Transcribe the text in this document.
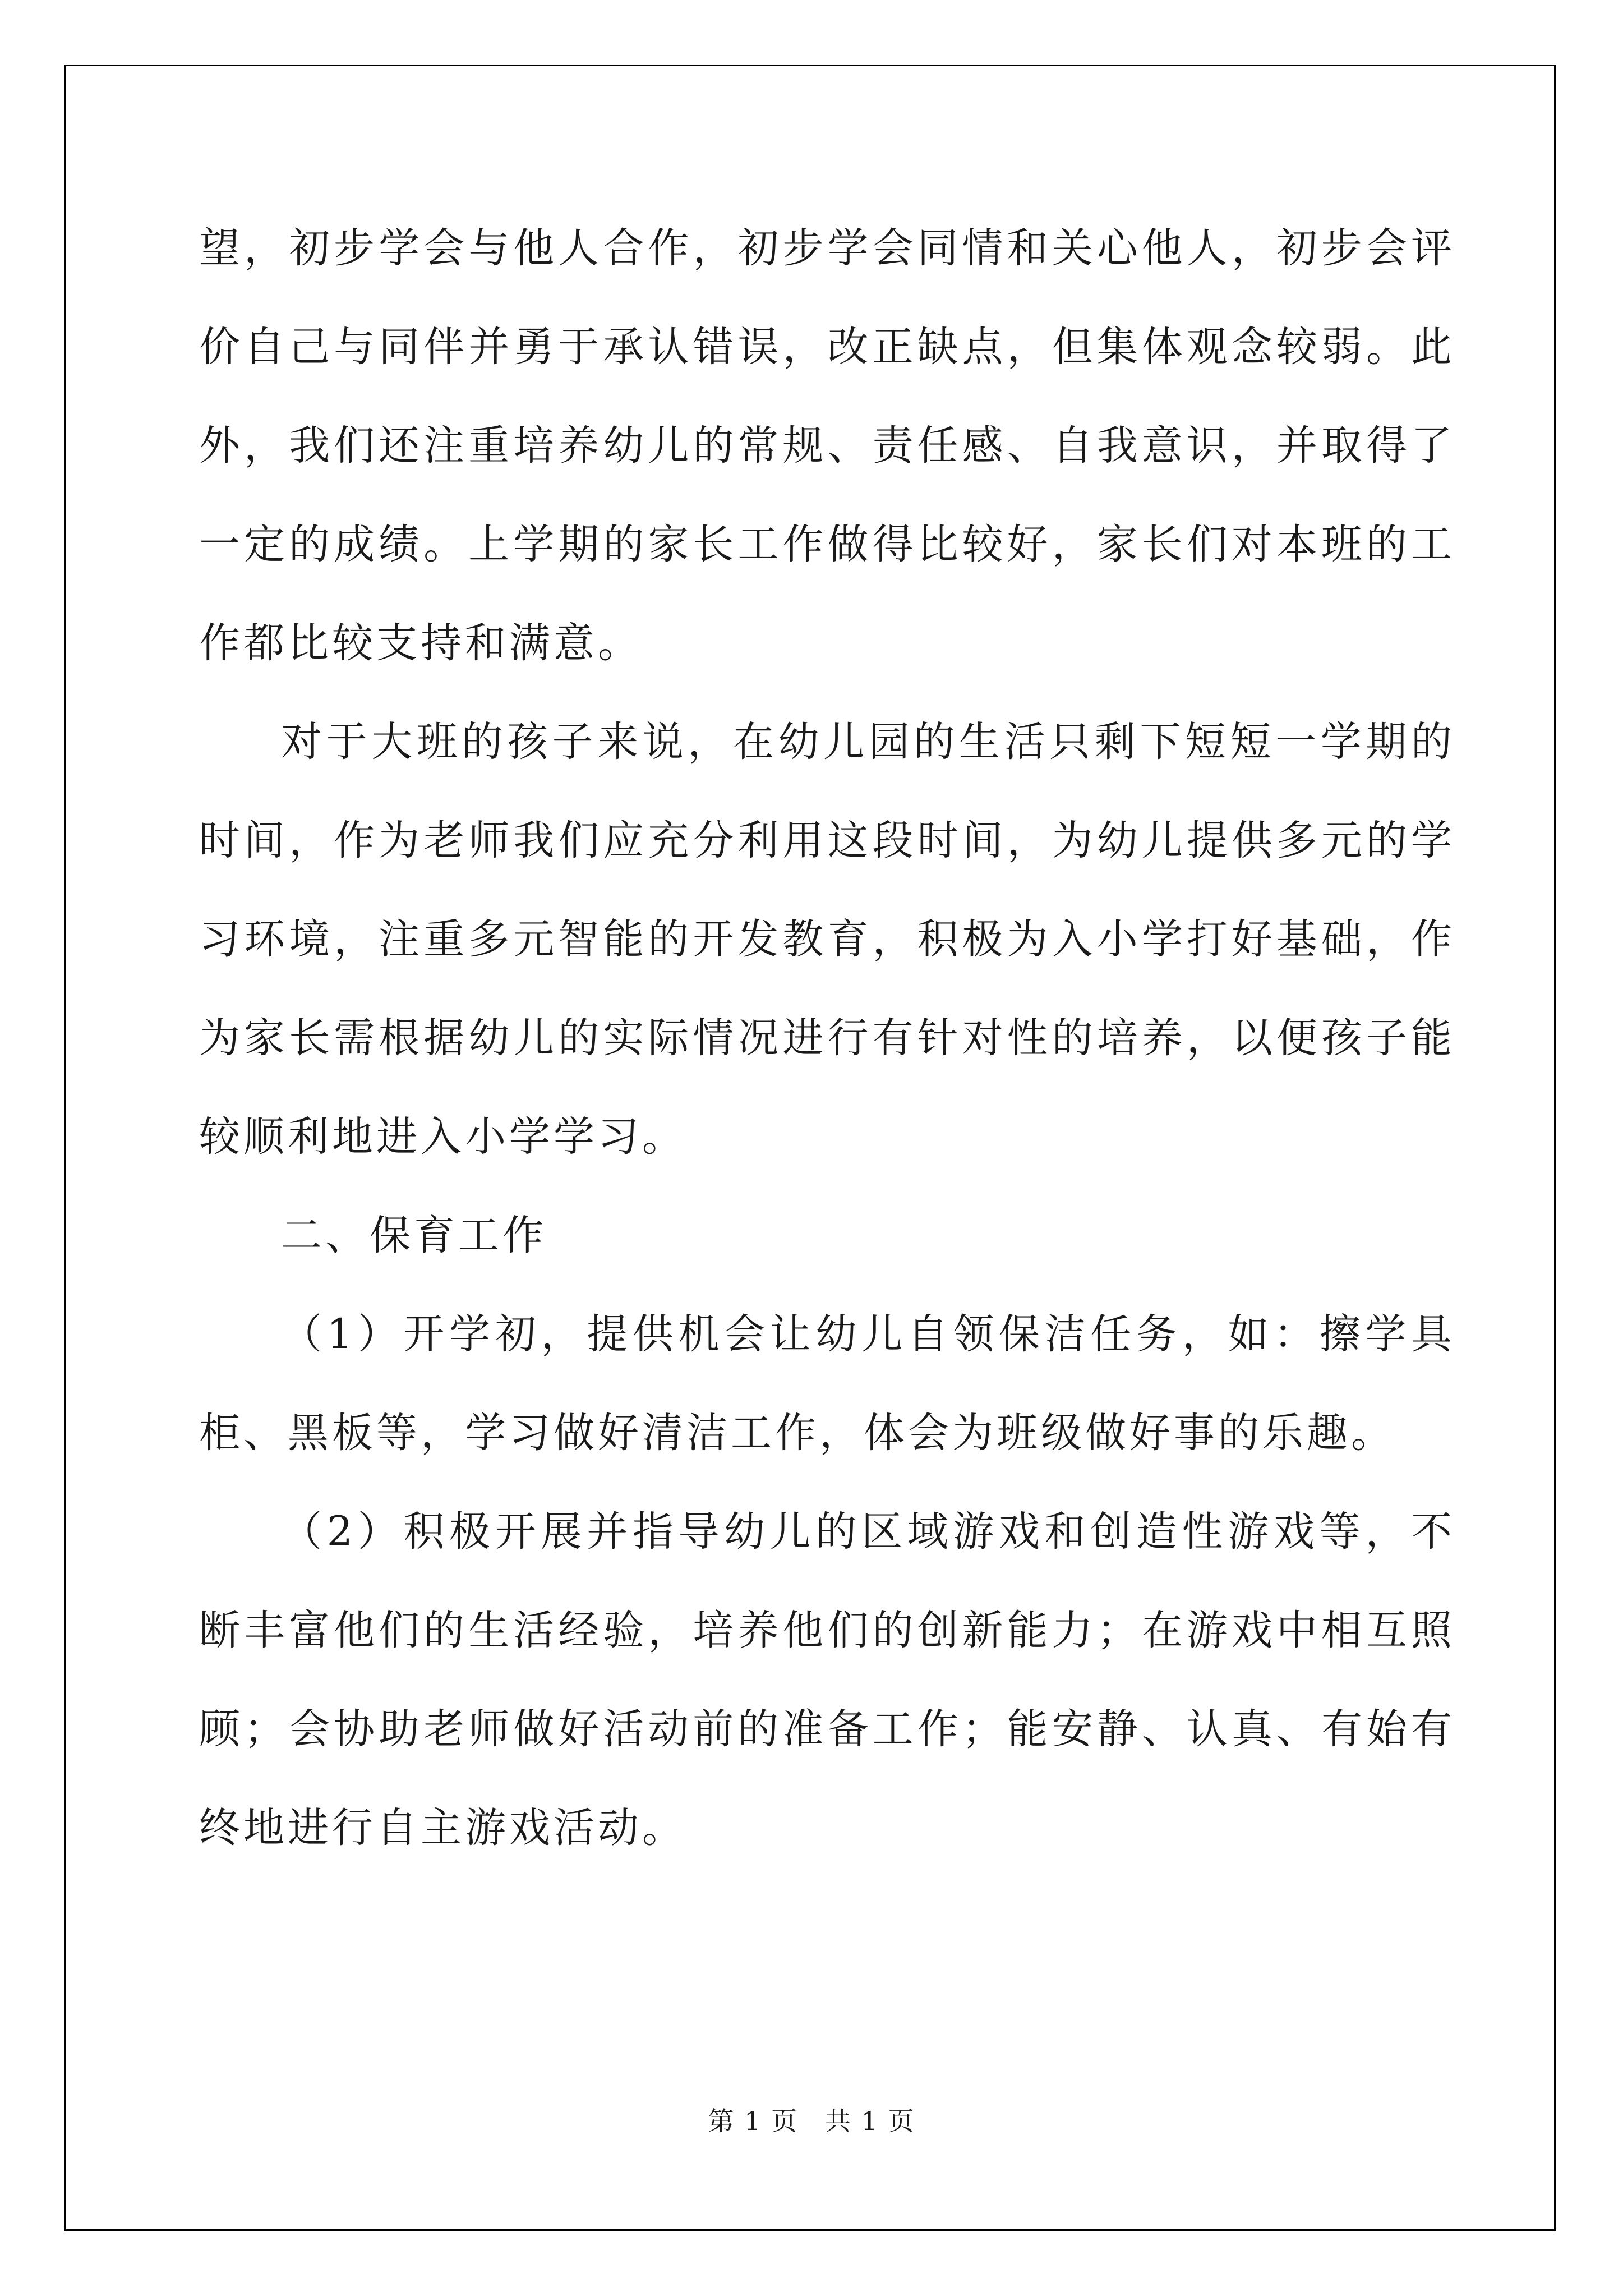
望，初步学会与他人合作，初步学会同情和关心他人，初步会评价自己与同伴并勇于承认错误，改正缺点，但集体观念较弱。此外，我们还注重培养幼儿的常规、责任感、自我意识，并取得了一定的成绩。上学期的家长工作做得比较好，家长们对本班的工作都比较支持和满意。

对于大班的孩子来说，在幼儿园的生活只剩下短短一学期的时间，作为老师我们应充分利用这段时间，为幼儿提供多元的学习环境，注重多元智能的开发教育，积极为入小学打好基础，作为家长需根据幼儿的实际情况进行有针对性的培养，以便孩子能较顺利地进入小学学习。

二、保育工作

（1）开学初，提供机会让幼儿自领保洁任务，如：擦学具柜、黑板等，学习做好清洁工作，体会为班级做好事的乐趣。

（2）积极开展并指导幼儿的区域游戏和创造性游戏等，不断丰富他们的生活经验，培养他们的创新能力；在游戏中相互照顾；会协助老师做好活动前的准备工作；能安静、认真、有始有终地进行自主游戏活动。

第 1 页　共 1 页
